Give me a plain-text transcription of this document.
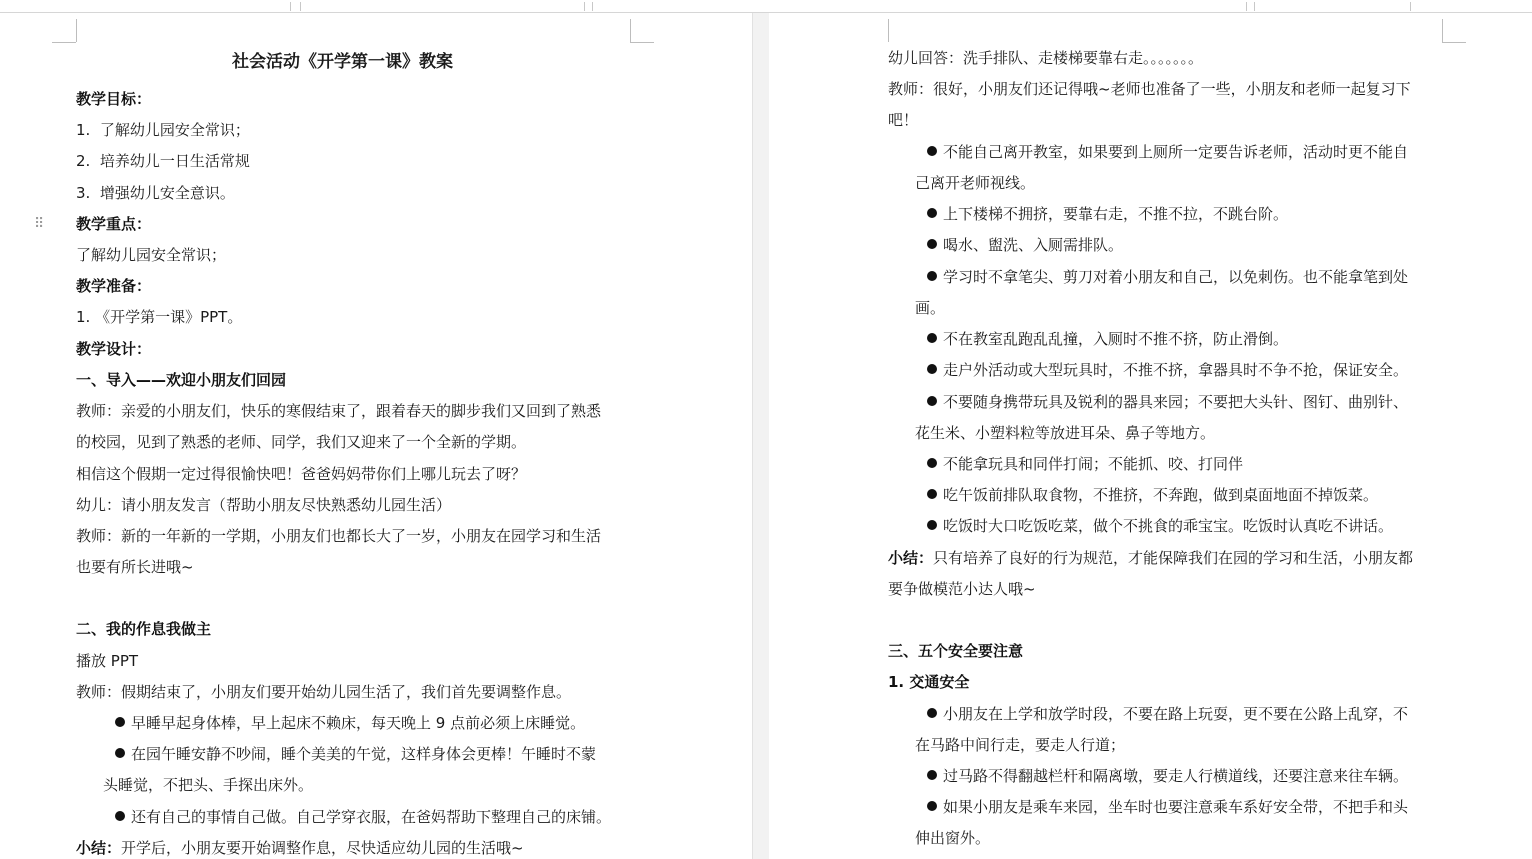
⠿
社会活动《开学第一课》教案
教学目标：
1. 了解幼儿园安全常识；
2. 培养幼儿一日生活常规
3. 增强幼儿安全意识。
教学重点：
了解幼儿园安全常识；
教学准备：
1. 《开学第一课》PPT。
教学设计：
一、导入——欢迎小朋友们回园
教师：亲爱的小朋友们，快乐的寒假结束了，跟着春天的脚步我们又回到了熟悉
的校园，见到了熟悉的老师、同学，我们又迎来了一个全新的学期。
相信这个假期一定过得很愉快吧！爸爸妈妈带你们上哪儿玩去了呀？
幼儿：请小朋友发言（帮助小朋友尽快熟悉幼儿园生活）
教师：新的一年新的一学期，小朋友们也都长大了一岁，小朋友在园学习和生活
也要有所长进哦~
二、我的作息我做主
播放 PPT
教师：假期结束了，小朋友们要开始幼儿园生活了，我们首先要调整作息。
早睡早起身体棒，早上起床不赖床，每天晚上 9 点前必须上床睡觉。
在园午睡安静不吵闹，睡个美美的午觉，这样身体会更棒！午睡时不蒙
头睡觉，不把头、手探出床外。
还有自己的事情自己做。自己学穿衣服，在爸妈帮助下整理自己的床铺。
小结：开学后，小朋友要开始调整作息，尽快适应幼儿园的生活哦~
幼儿回答：洗手排队、走楼梯要靠右走。。。。。。。
教师：很好，小朋友们还记得哦~老师也准备了一些，小朋友和老师一起复习下
吧！
不能自己离开教室，如果要到上厕所一定要告诉老师，活动时更不能自
己离开老师视线。
上下楼梯不拥挤，要靠右走，不推不拉，不跳台阶。
喝水、盥洗、入厕需排队。
学习时不拿笔尖、剪刀对着小朋友和自己，以免刺伤。也不能拿笔到处
画。
不在教室乱跑乱乱撞，入厕时不推不挤，防止滑倒。
走户外活动或大型玩具时，不推不挤，拿器具时不争不抢，保证安全。
不要随身携带玩具及锐利的器具来园；不要把大头针、图钉、曲别针、
花生米、小塑料粒等放进耳朵、鼻子等地方。
不能拿玩具和同伴打闹；不能抓、咬、打同伴
吃午饭前排队取食物，不推挤，不奔跑，做到桌面地面不掉饭菜。
吃饭时大口吃饭吃菜，做个不挑食的乖宝宝。吃饭时认真吃不讲话。
小结：只有培养了良好的行为规范，才能保障我们在园的学习和生活，小朋友都
要争做模范小达人哦~
三、五个安全要注意
1. 交通安全
小朋友在上学和放学时段，不要在路上玩耍，更不要在公路上乱穿，不
在马路中间行走，要走人行道；
过马路不得翻越栏杆和隔离墩，要走人行横道线，还要注意来往车辆。
如果小朋友是乘车来园，坐车时也要注意乘车系好安全带，不把手和头
伸出窗外。
